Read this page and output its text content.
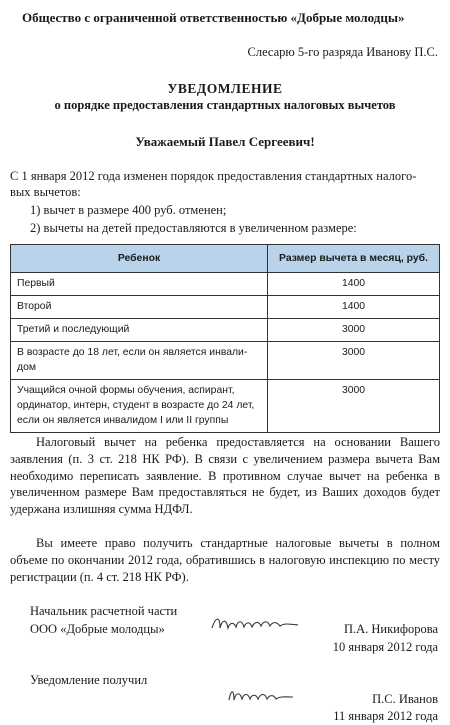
Общество с ограниченной ответственностью «Добрые молодцы»
Слесарю 5-го разряда Иванову П.С.
УВЕДОМЛЕНИЕ
о порядке предоставления стандартных налоговых вычетов
Уважаемый Павел Сергеевич!
С 1 января 2012 года изменен порядок предоставления стандартных налого-
вых вычетов:
1) вычет в размере 400 руб. отменен;
2) вычеты на детей предоставляются в увеличенном размере:
Ребенок	Размер вычета в месяц, руб.
Первый	1400
Второй	1400
Третий и последующий	3000
В возрасте до 18 лет, если он является инвали-
дом	3000
Учащийся очной формы обучения, аспирант,
ординатор, интерн, студент в возрасте до 24 лет,
если он является инвалидом I или II группы	3000
Налоговый вычет на ребенка предоставляется на основании Вашего заявления (п. 3 ст. 218 НК РФ). В связи с увеличением размера вычета Вам необходимо переписать заявление. В противном случае вычет на ребенка в увеличенном размере Вам предоставляться не будет, из Ваших доходов будет удержана излишняя сумма НДФЛ.
Вы имеете право получить стандартные налоговые вычеты в полном объеме по окончании 2012 года, обратившись в налоговую инспекцию по месту регистрации (п. 4 ст. 218 НК РФ).
Начальник расчетной части
ООО «Добрые молодцы»	П.А. Никифорова
10 января 2012 года
Уведомление получил
П.С. Иванов
11 января 2012 года
